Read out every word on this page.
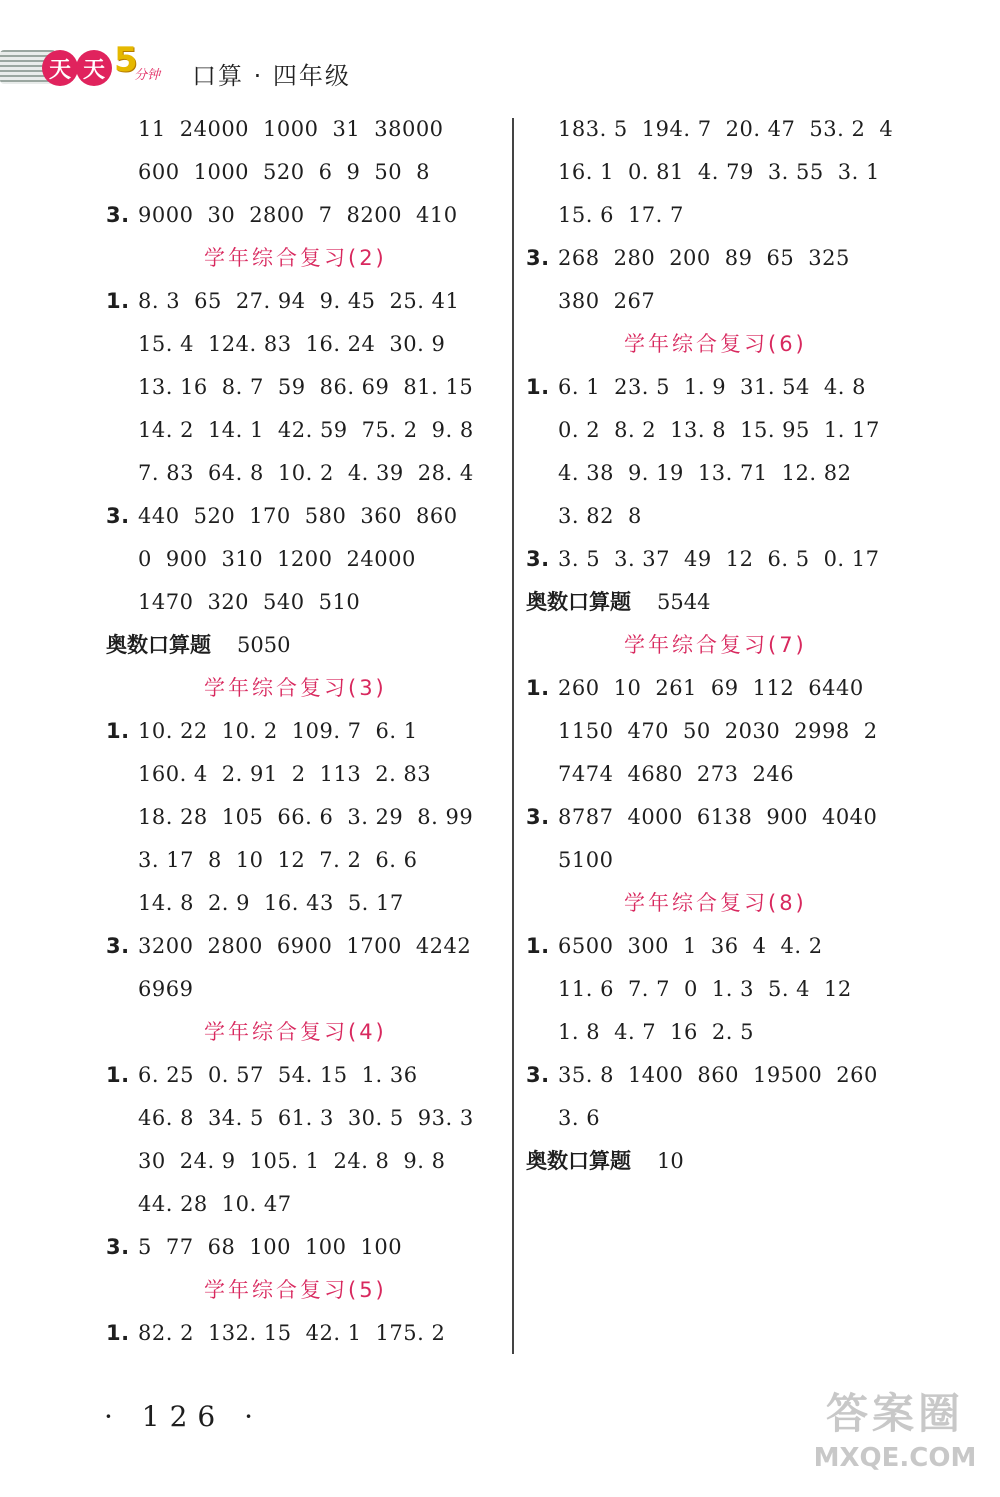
天 天 5
分钟 口算 · 四年级
11 24000 1000 31 38000
600 1000 520 6 9 50 8
3. 9000 30 2800 7 8200 410
学年综合复习(2)
1. 8. 3 65 27. 94 9. 45 25. 41
15. 4 124. 83 16. 24 30. 9
13. 16 8. 7 59 86. 69 81. 15
14. 2 14. 1 42. 59 75. 2 9. 8
7. 83 64. 8 10. 2 4. 39 28. 4
3. 440 520 170 580 360 860
0 900 310 1200 24000
1470 320 540 510
奥数口算题 5050
学年综合复习(3)
1. 10. 22 10. 2 109. 7 6. 1
160. 4 2. 91 2 113 2. 83
18. 28 105 66. 6 3. 29 8. 99
3. 17 8 10 12 7. 2 6. 6
14. 8 2. 9 16. 43 5. 17
3. 3200 2800 6900 1700 4242
6969
学年综合复习(4)
1. 6. 25 0. 57 54. 15 1. 36
46. 8 34. 5 61. 3 30. 5 93. 3
30 24. 9 105. 1 24. 8 9. 8
44. 28 10. 47
3. 5 77 68 100 100 100
学年综合复习(5)
1. 82. 2 132. 15 42. 1 175. 2
183. 5 194. 7 20. 47 53. 2 4
16. 1 0. 81 4. 79 3. 55 3. 1
15. 6 17. 7
3. 268 280 200 89 65 325
380 267
学年综合复习(6)
1. 6. 1 23. 5 1. 9 31. 54 4. 8
0. 2 8. 2 13. 8 15. 95 1. 17
4. 38 9. 19 13. 71 12. 82
3. 82 8
3. 3. 5 3. 37 49 12 6. 5 0. 17
奥数口算题 5544
学年综合复习(7)
1. 260 10 261 69 112 6440
1150 470 50 2030 2998 2
7474 4680 273 246
3. 8787 4000 6138 900 4040
5100
学年综合复习(8)
1. 6500 300 1 36 4 4. 2
11. 6 7. 7 0 1. 3 5. 4 12
1. 8 4. 7 16 2. 5
3. 35. 8 1400 860 19500 260
3. 6
奥数口算题 10
· 126 ·	答案圈
MXQE.COM
